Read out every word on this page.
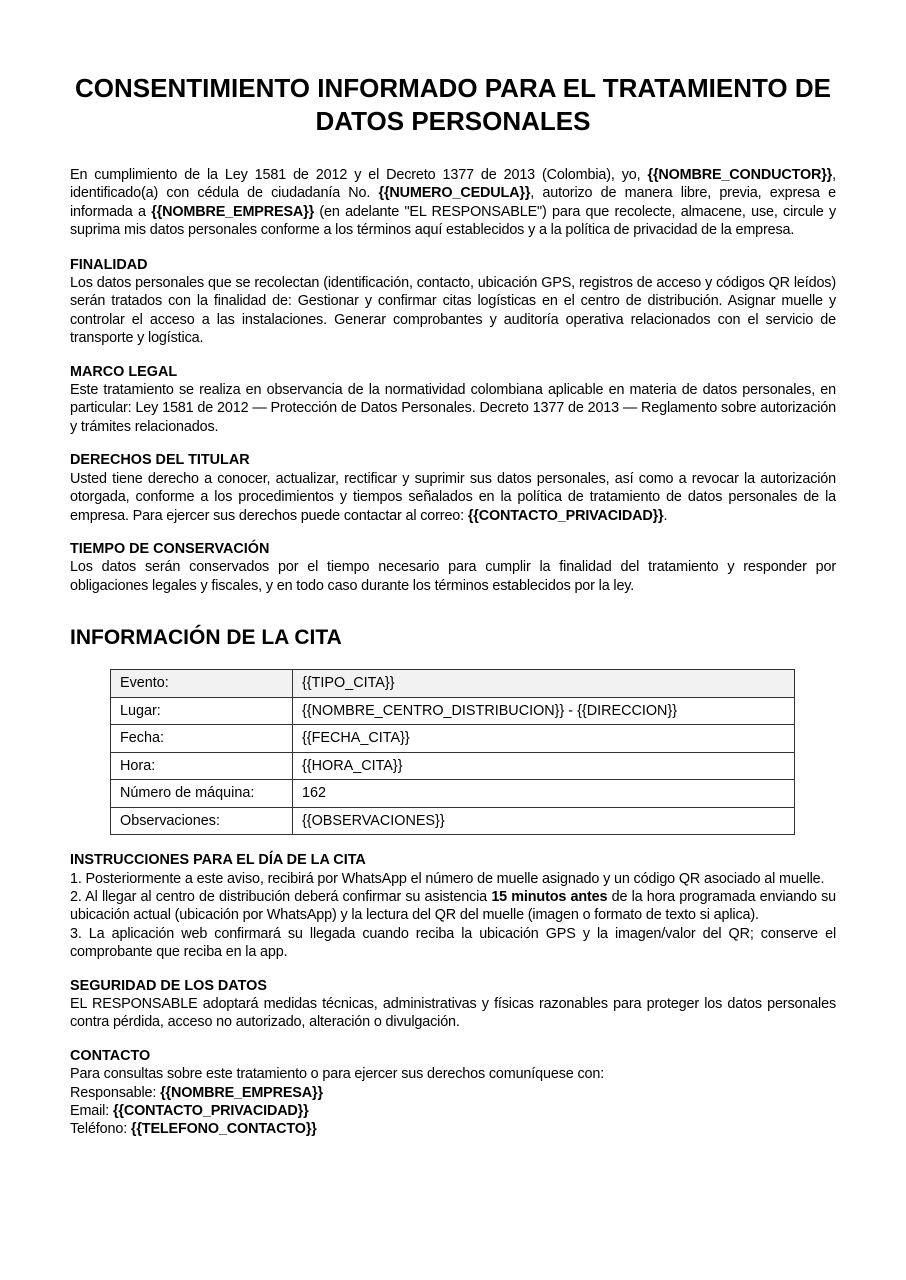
CONSENTIMIENTO INFORMADO PARA EL TRATAMIENTO DE DATOS PERSONALES

En cumplimiento de la Ley 1581 de 2012 y el Decreto 1377 de 2013 (Colombia), yo, {{NOMBRE_CONDUCTOR}}, identificado(a) con cédula de ciudadanía No. {{NUMERO_CEDULA}}, autorizo de manera libre, previa, expresa e informada a {{NOMBRE_EMPRESA}} (en adelante "EL RESPONSABLE") para que recolecte, almacene, use, circule y suprima mis datos personales conforme a los términos aquí establecidos y a la política de privacidad de la empresa.

FINALIDAD

Los datos personales que se recolectan (identificación, contacto, ubicación GPS, registros de acceso y códigos QR leídos) serán tratados con la finalidad de: Gestionar y confirmar citas logísticas en el centro de distribución. Asignar muelle y controlar el acceso a las instalaciones. Generar comprobantes y auditoría operativa relacionados con el servicio de transporte y logística.

MARCO LEGAL

Este tratamiento se realiza en observancia de la normatividad colombiana aplicable en materia de datos personales, en particular: Ley 1581 de 2012 — Protección de Datos Personales. Decreto 1377 de 2013 — Reglamento sobre autorización y trámites relacionados.

DERECHOS DEL TITULAR

Usted tiene derecho a conocer, actualizar, rectificar y suprimir sus datos personales, así como a revocar la autorización otorgada, conforme a los procedimientos y tiempos señalados en la política de tratamiento de datos personales de la empresa. Para ejercer sus derechos puede contactar al correo: {{CONTACTO_PRIVACIDAD}}.

TIEMPO DE CONSERVACIÓN

Los datos serán conservados por el tiempo necesario para cumplir la finalidad del tratamiento y responder por obligaciones legales y fiscales, y en todo caso durante los términos establecidos por la ley.

INFORMACIÓN DE LA CITA
Evento:	{{TIPO_CITA}}
Lugar:	{{NOMBRE_CENTRO_DISTRIBUCION}} - {{DIRECCION}}
Fecha:	{{FECHA_CITA}}
Hora:	{{HORA_CITA}}
Número de máquina:	162
Observaciones:	{{OBSERVACIONES}}
INSTRUCCIONES PARA EL DÍA DE LA CITA

1. Posteriormente a este aviso, recibirá por WhatsApp el número de muelle asignado y un código QR asociado al muelle.

2. Al llegar al centro de distribución deberá confirmar su asistencia 15 minutos antes de la hora programada enviando su ubicación actual (ubicación por WhatsApp) y la lectura del QR del muelle (imagen o formato de texto si aplica).

3. La aplicación web confirmará su llegada cuando reciba la ubicación GPS y la imagen/valor del QR; conserve el comprobante que reciba en la app.

SEGURIDAD DE LOS DATOS

EL RESPONSABLE adoptará medidas técnicas, administrativas y físicas razonables para proteger los datos personales contra pérdida, acceso no autorizado, alteración o divulgación.

CONTACTO

Para consultas sobre este tratamiento o para ejercer sus derechos comuníquese con:

Responsable: {{NOMBRE_EMPRESA}}

Email: {{CONTACTO_PRIVACIDAD}}

Teléfono: {{TELEFONO_CONTACTO}}
